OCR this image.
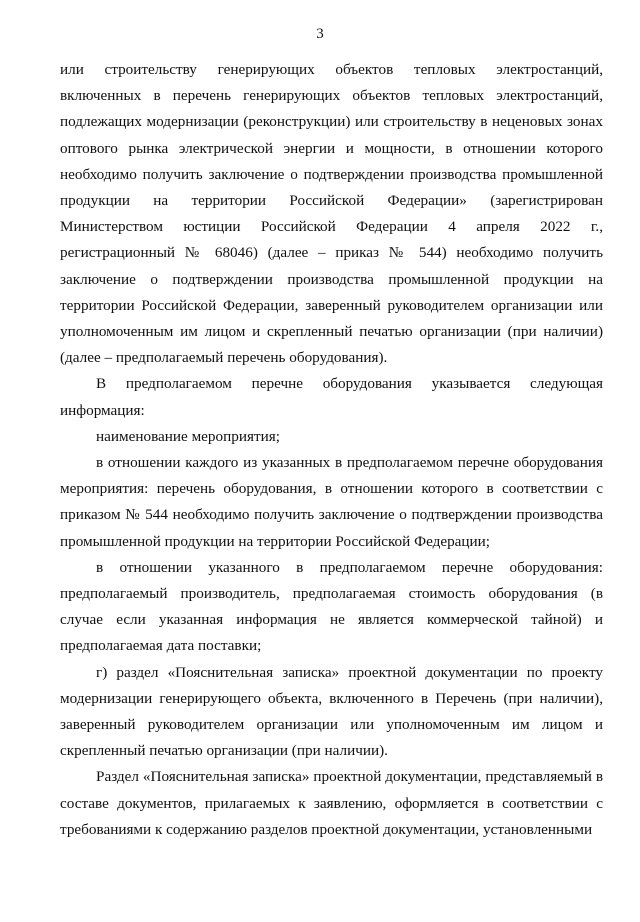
3

или строительству генерирующих объектов тепловых электростанций, включенных в перечень генерирующих объектов тепловых электростанций, подлежащих модернизации (реконструкции) или строительству в неценовых зонах оптового рынка электрической энергии и мощности, в отношении которого необходимо получить заключение о подтверждении производства промышленной продукции на территории Российской Федерации» (зарегистрирован Министерством юстиции Российской Федерации 4 апреля 2022 г., регистрационный № 68046) (далее – приказ № 544) необходимо получить заключение о подтверждении производства промышленной продукции на территории Российской Федерации, заверенный руководителем организации или уполномоченным им лицом и скрепленный печатью организации (при наличии) (далее – предполагаемый перечень оборудования).

В предполагаемом перечне оборудования указывается следующая информация:

наименование мероприятия;

в отношении каждого из указанных в предполагаемом перечне оборудования мероприятия: перечень оборудования, в отношении которого в соответствии с приказом № 544 необходимо получить заключение о подтверждении производства промышленной продукции на территории Российской Федерации;

в отношении указанного в предполагаемом перечне оборудования: предполагаемый производитель, предполагаемая стоимость оборудования (в случае если указанная информация не является коммерческой тайной) и предполагаемая дата поставки;

г) раздел «Пояснительная записка» проектной документации по проекту модернизации генерирующего объекта, включенного в Перечень (при наличии), заверенный руководителем организации или уполномоченным им лицом и скрепленный печатью организации (при наличии).

Раздел «Пояснительная записка» проектной документации, представляемый в составе документов, прилагаемых к заявлению, оформляется в соответствии с требованиями к содержанию разделов проектной документации, установленными
